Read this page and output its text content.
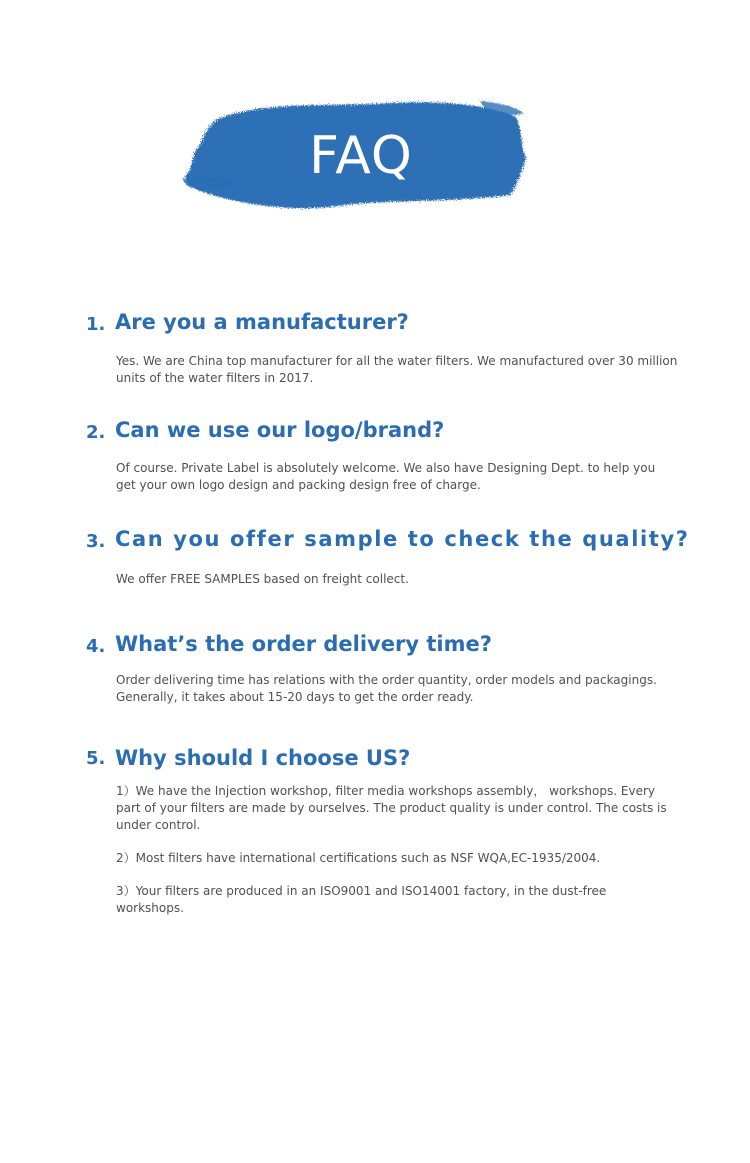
FAQ
1. Are you a manufacturer?

Yes. We are China top manufacturer for all the water filters. We manufactured over 30 million units of the water filters in 2017.

2. Can we use our logo/brand?

Of course. Private Label is absolutely welcome. We also have Designing Dept. to help you get your own logo design and packing design free of charge.

3. Can you offer sample to check the quality?

We offer FREE SAMPLES based on freight collect.

4. What’s the order delivery time?

Order delivering time has relations with the order quantity, order models and packagings. Generally, it takes about 15-20 days to get the order ready.

5. Why should I choose US?

1）We have the Injection workshop, filter media workshops assembly， workshops. Every part of your filters are made by ourselves. The product quality is under control. The costs is under control.

2）Most filters have international certifications such as NSF WQA,EC-1935/2004.

3）Your filters are produced in an ISO9001 and ISO14001 factory, in the dust-free workshops.
